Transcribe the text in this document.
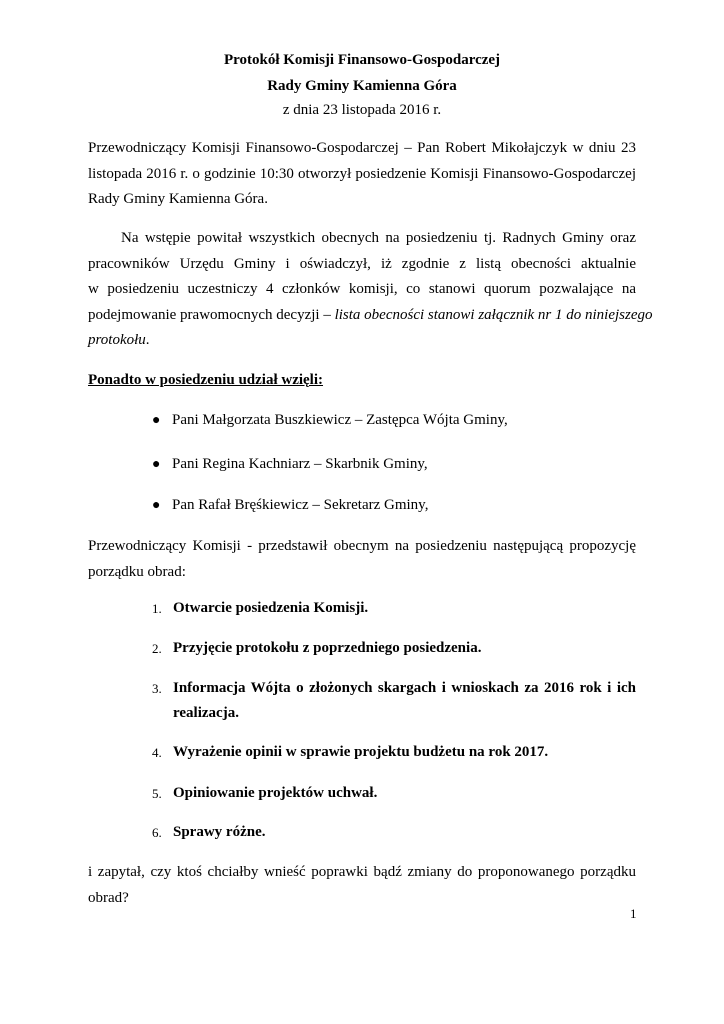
Protokół Komisji Finansowo-Gospodarczej
Rady Gminy Kamienna Góra
z dnia 23 listopada 2016 r.
Przewodniczący Komisji Finansowo-Gospodarczej – Pan Robert Mikołajczyk w dniu 23
listopada 2016 r. o godzinie 10:30 otworzył posiedzenie Komisji Finansowo-Gospodarczej
Rady Gminy Kamienna Góra.
Na wstępie powitał wszystkich obecnych na posiedzeniu tj. Radnych Gminy oraz
pracowników Urzędu Gminy i oświadczył, iż zgodnie z listą obecności aktualnie
w posiedzeniu uczestniczy 4 członków komisji, co stanowi quorum pozwalające na
podejmowanie prawomocnych decyzji – lista obecności stanowi załącznik nr 1 do niniejszego
protokołu.
Ponadto w posiedzeniu udział wzięli:
● Pani Małgorzata Buszkiewicz – Zastępca Wójta Gminy,
● Pani Regina Kachniarz – Skarbnik Gminy,
● Pan Rafał Bręśkiewicz – Sekretarz Gminy,
Przewodniczący Komisji - przedstawił obecnym na posiedzeniu następującą propozycję
porządku obrad:
1. Otwarcie posiedzenia Komisji.
2. Przyjęcie protokołu z poprzedniego posiedzenia.
3. Informacja Wójta o złożonych skargach i wnioskach za 2016 rok i ich
realizacja.
4. Wyrażenie opinii w sprawie projektu budżetu na rok 2017.
5. Opiniowanie projektów uchwał.
6. Sprawy różne.
i zapytał, czy ktoś chciałby wnieść poprawki bądź zmiany do proponowanego porządku
obrad?
1
